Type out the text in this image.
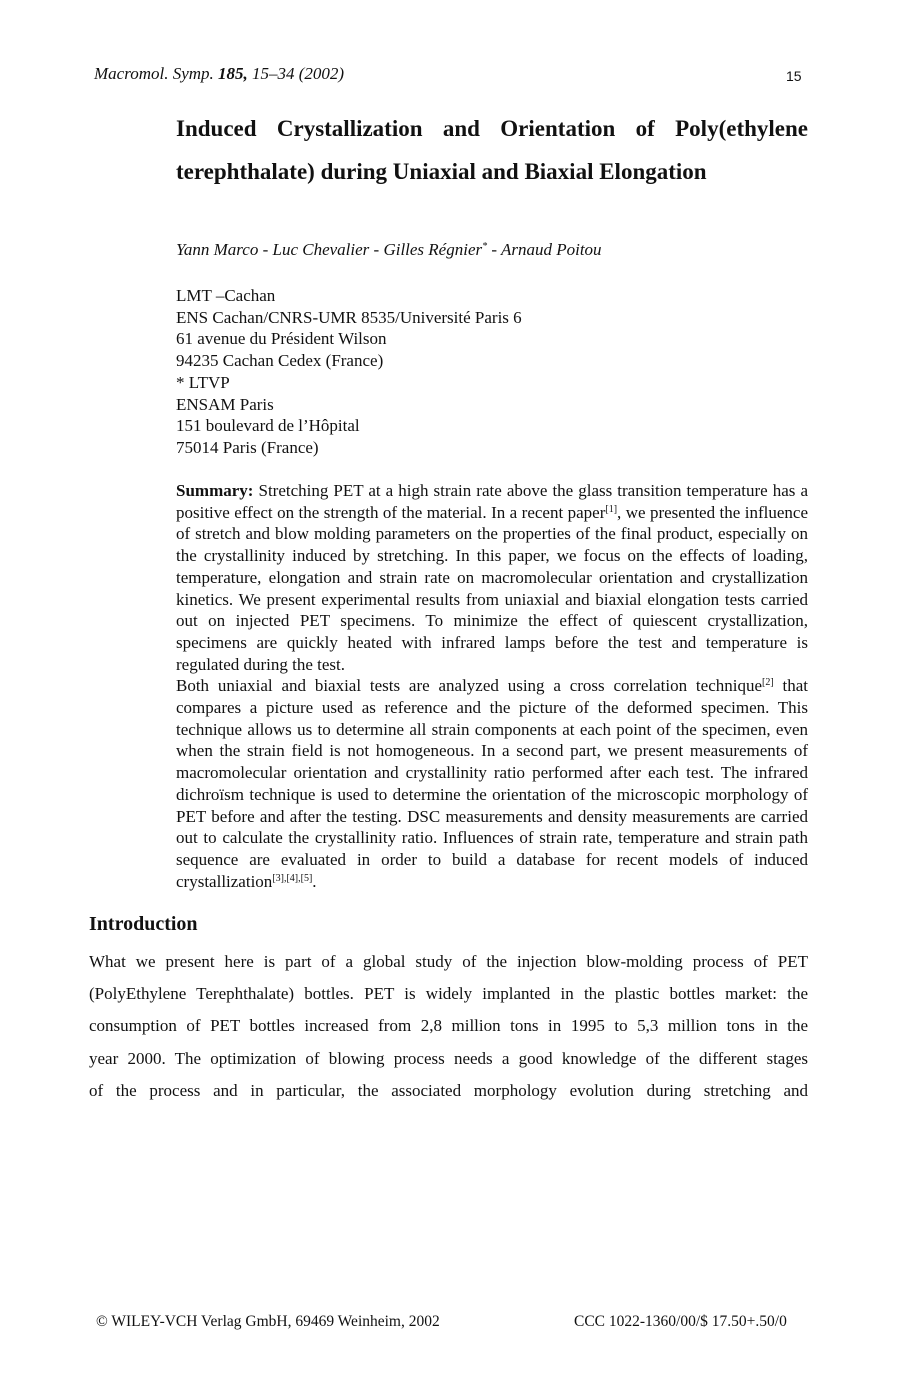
Macromol. Symp. 185, 15–34 (2002)	15
Induced Crystallization and Orientation of Poly(ethylene
terephthalate) during Uniaxial and Biaxial Elongation
Yann Marco - Luc Chevalier - Gilles Régnier* - Arnaud Poitou
LMT –Cachan
ENS Cachan/CNRS-UMR 8535/Université Paris 6
61 avenue du Président Wilson
94235 Cachan Cedex (France)
* LTVP
ENSAM Paris
151 boulevard de l’Hôpital
75014 Paris (France)

Summary: Stretching PET at a high strain rate above the glass transition temperature has a positive effect on the strength of the material. In a recent paper[1], we presented the influence of stretch and blow molding parameters on the properties of the final product, especially on the crystallinity induced by stretching. In this paper, we focus on the effects of loading, temperature, elongation and strain rate on macromolecular orientation and crystallization kinetics. We present experimental results from uniaxial and biaxial elongation tests carried out on injected PET specimens. To minimize the effect of quiescent crystallization, specimens are quickly heated with infrared lamps before the test and temperature is regulated during the test.

Both uniaxial and biaxial tests are analyzed using a cross correlation technique[2] that compares a picture used as reference and the picture of the deformed specimen. This technique allows us to determine all strain components at each point of the specimen, even when the strain field is not homogeneous. In a second part, we present measurements of macromolecular orientation and crystallinity ratio performed after each test. The infrared dichroïsm technique is used to determine the orientation of the microscopic morphology of PET before and after the testing. DSC measurements and density measurements are carried out to calculate the crystallinity ratio. Influences of strain rate, temperature and strain path sequence are evaluated in order to build a database for recent models of induced crystallization[3],[4],[5].

Introduction

What we present here is part of a global study of the injection blow-molding process of PET

(PolyEthylene Terephthalate) bottles. PET is widely implanted in the plastic bottles market: the

consumption of PET bottles increased from 2,8 million tons in 1995 to 5,3 million tons in the

year 2000. The optimization of blowing process needs a good knowledge of the different stages

of the process and in particular, the associated morphology evolution during stretching and

© WILEY-VCH Verlag GmbH, 69469 Weinheim, 2002	CCC 1022-1360/00/$ 17.50+.50/0
